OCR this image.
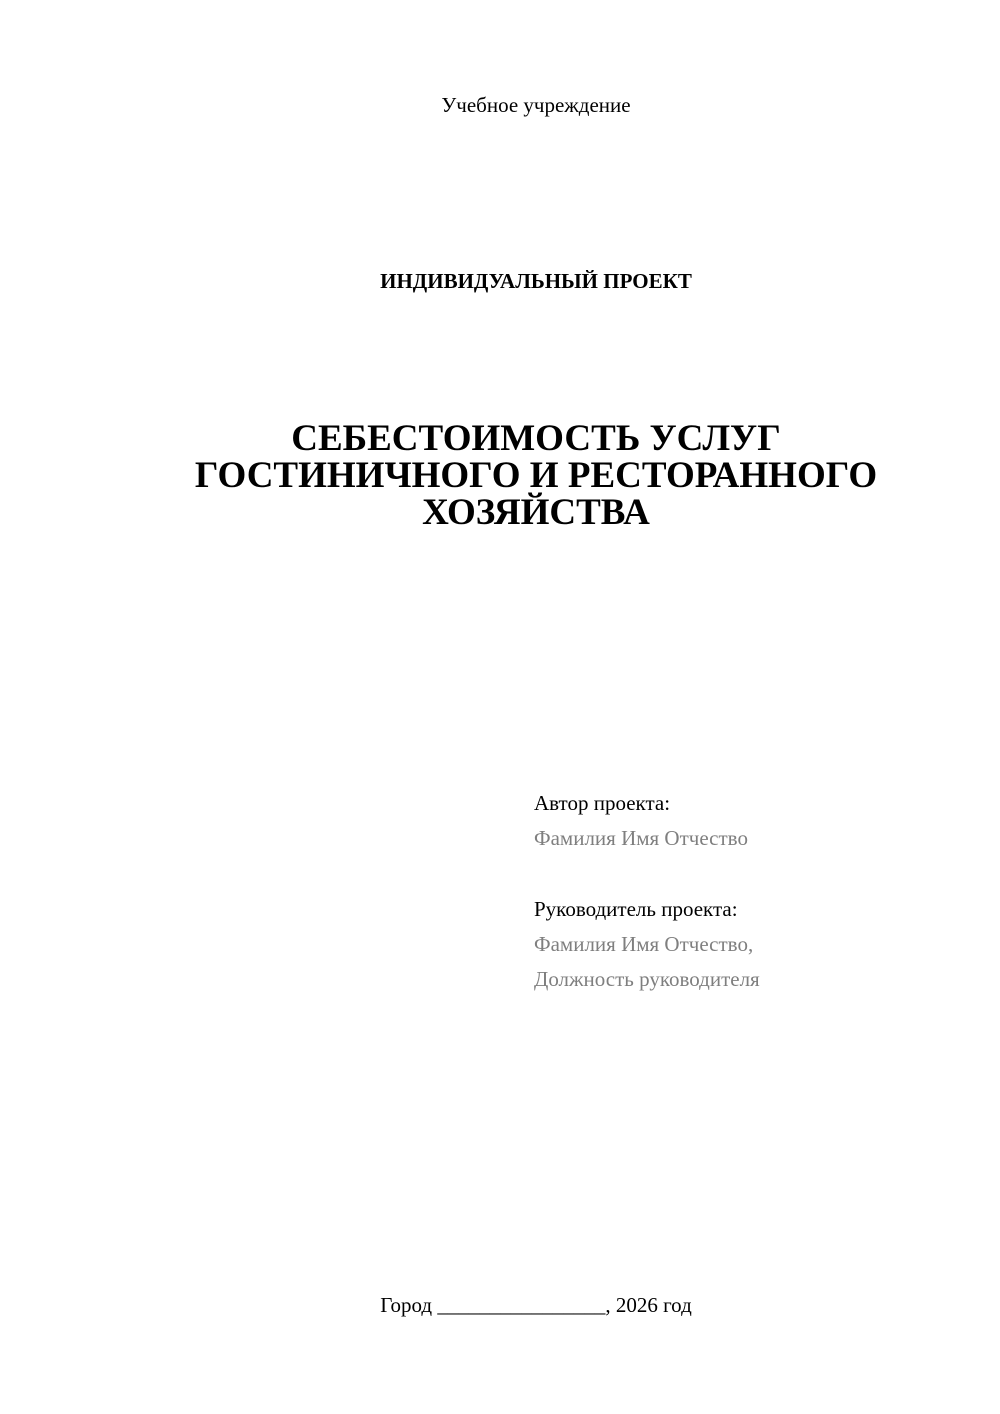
Учебное учреждение
ИНДИВИДУАЛЬНЫЙ ПРОЕКТ
СЕБЕСТОИМОСТЬ УСЛУГ
ГОСТИНИЧНОГО И РЕСТОРАННОГО
ХОЗЯЙСТВА
Автор проекта:
Фамилия Имя Отчество
Руководитель проекта:
Фамилия Имя Отчество,
Должность руководителя
Город ________________, 2026 год
